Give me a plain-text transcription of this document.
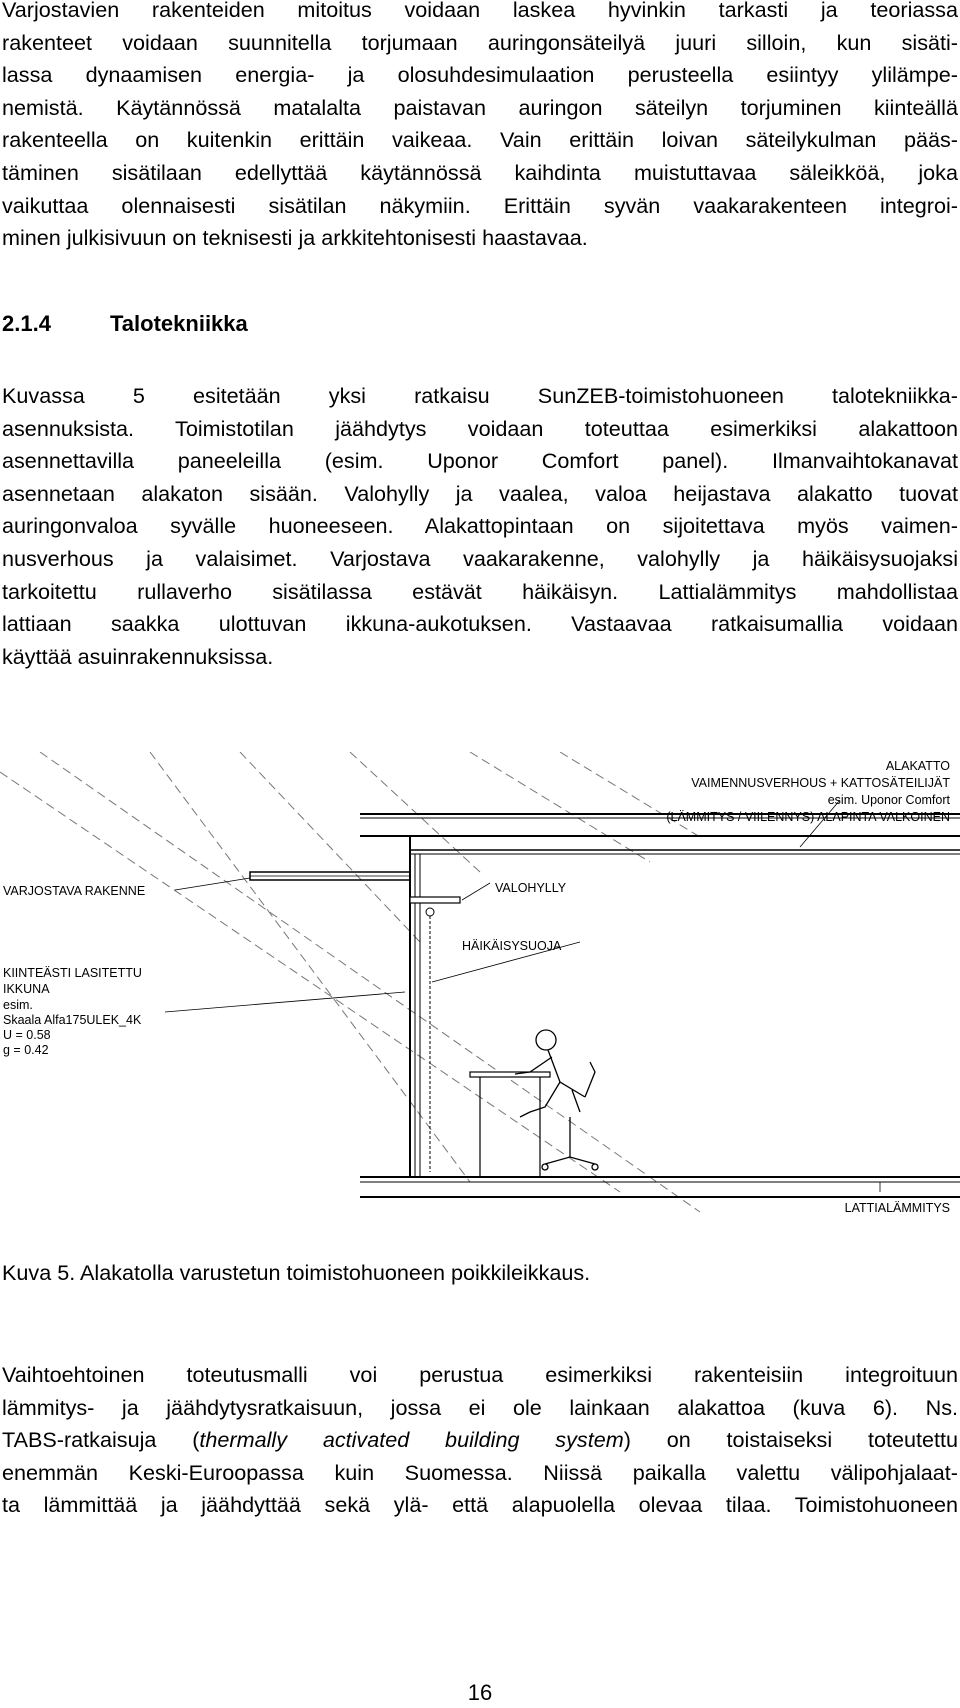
Varjostavien rakenteiden mitoitus voidaan laskea hyvinkin tarkasti ja teoriassa
rakenteet voidaan suunnitella torjumaan auringonsäteilyä juuri silloin, kun sisäti-
lassa dynaamisen energia- ja olosuhdesimulaation perusteella esiintyy ylilämpe-
nemistä. Käytännössä matalalta paistavan auringon säteilyn torjuminen kiinteällä
rakenteella on kuitenkin erittäin vaikeaa. Vain erittäin loivan säteilykulman pääs-
täminen sisätilaan edellyttää käytännössä kaihdinta muistuttavaa säleikköä, joka
vaikuttaa olennaisesti sisätilan näkymiin. Erittäin syvän vaakarakenteen integroi-
minen julkisivuun on teknisesti ja arkkitehtonisesti haastavaa.
2.1.4	Talotekniikka
Kuvassa 5 esitetään yksi ratkaisu SunZEB-toimistohuoneen talotekniikka-
asennuksista. Toimistotilan jäähdytys voidaan toteuttaa esimerkiksi alakattoon
asennettavilla paneeleilla (esim. Uponor Comfort panel). Ilmanvaihtokanavat
asennetaan alakaton sisään. Valohylly ja vaalea, valoa heijastava alakatto tuovat
auringonvaloa syvälle huoneeseen. Alakattopintaan on sijoitettava myös vaimen-
nusverhous ja valaisimet. Varjostava vaakarakenne, valohylly ja häikäisysuojaksi
tarkoitettu rullaverho sisätilassa estävät häikäisyn. Lattialämmitys mahdollistaa
lattiaan saakka ulottuvan ikkuna-aukotuksen. Vastaavaa ratkaisumallia voidaan
käyttää asuinrakennuksissa.
ALAKATTO
VAIMENNUSVERHOUS + KATTOSÄTEILIJÄT
esim. Uponor Comfort
(LÄMMITYS / VIILENNYS) ALAPINTA VALKOINEN
VARJOSTAVA RAKENNE	VALOHYLLY
HÄIKÄISYSUOJA
KIINTEÄSTI LASITETTU
IKKUNA
esim.
Skaala Alfa175ULEK_4K
U = 0.58
g = 0.42
LATTIALÄMMITYS

Kuva 5. Alakatolla varustetun toimistohuoneen poikkileikkaus.

Vaihtoehtoinen toteutusmalli voi perustua esimerkiksi rakenteisiin integroituun
lämmitys- ja jäähdytysratkaisuun, jossa ei ole lainkaan alakattoa (kuva 6). Ns.
TABS-ratkaisuja (thermally activated building system) on toistaiseksi toteutettu
enemmän Keski-Euroopassa kuin Suomessa. Niissä paikalla valettu välipohjalaat-
ta lämmittää ja jäähdyttää sekä ylä- että alapuolella olevaa tilaa. Toimistohuoneen

16
